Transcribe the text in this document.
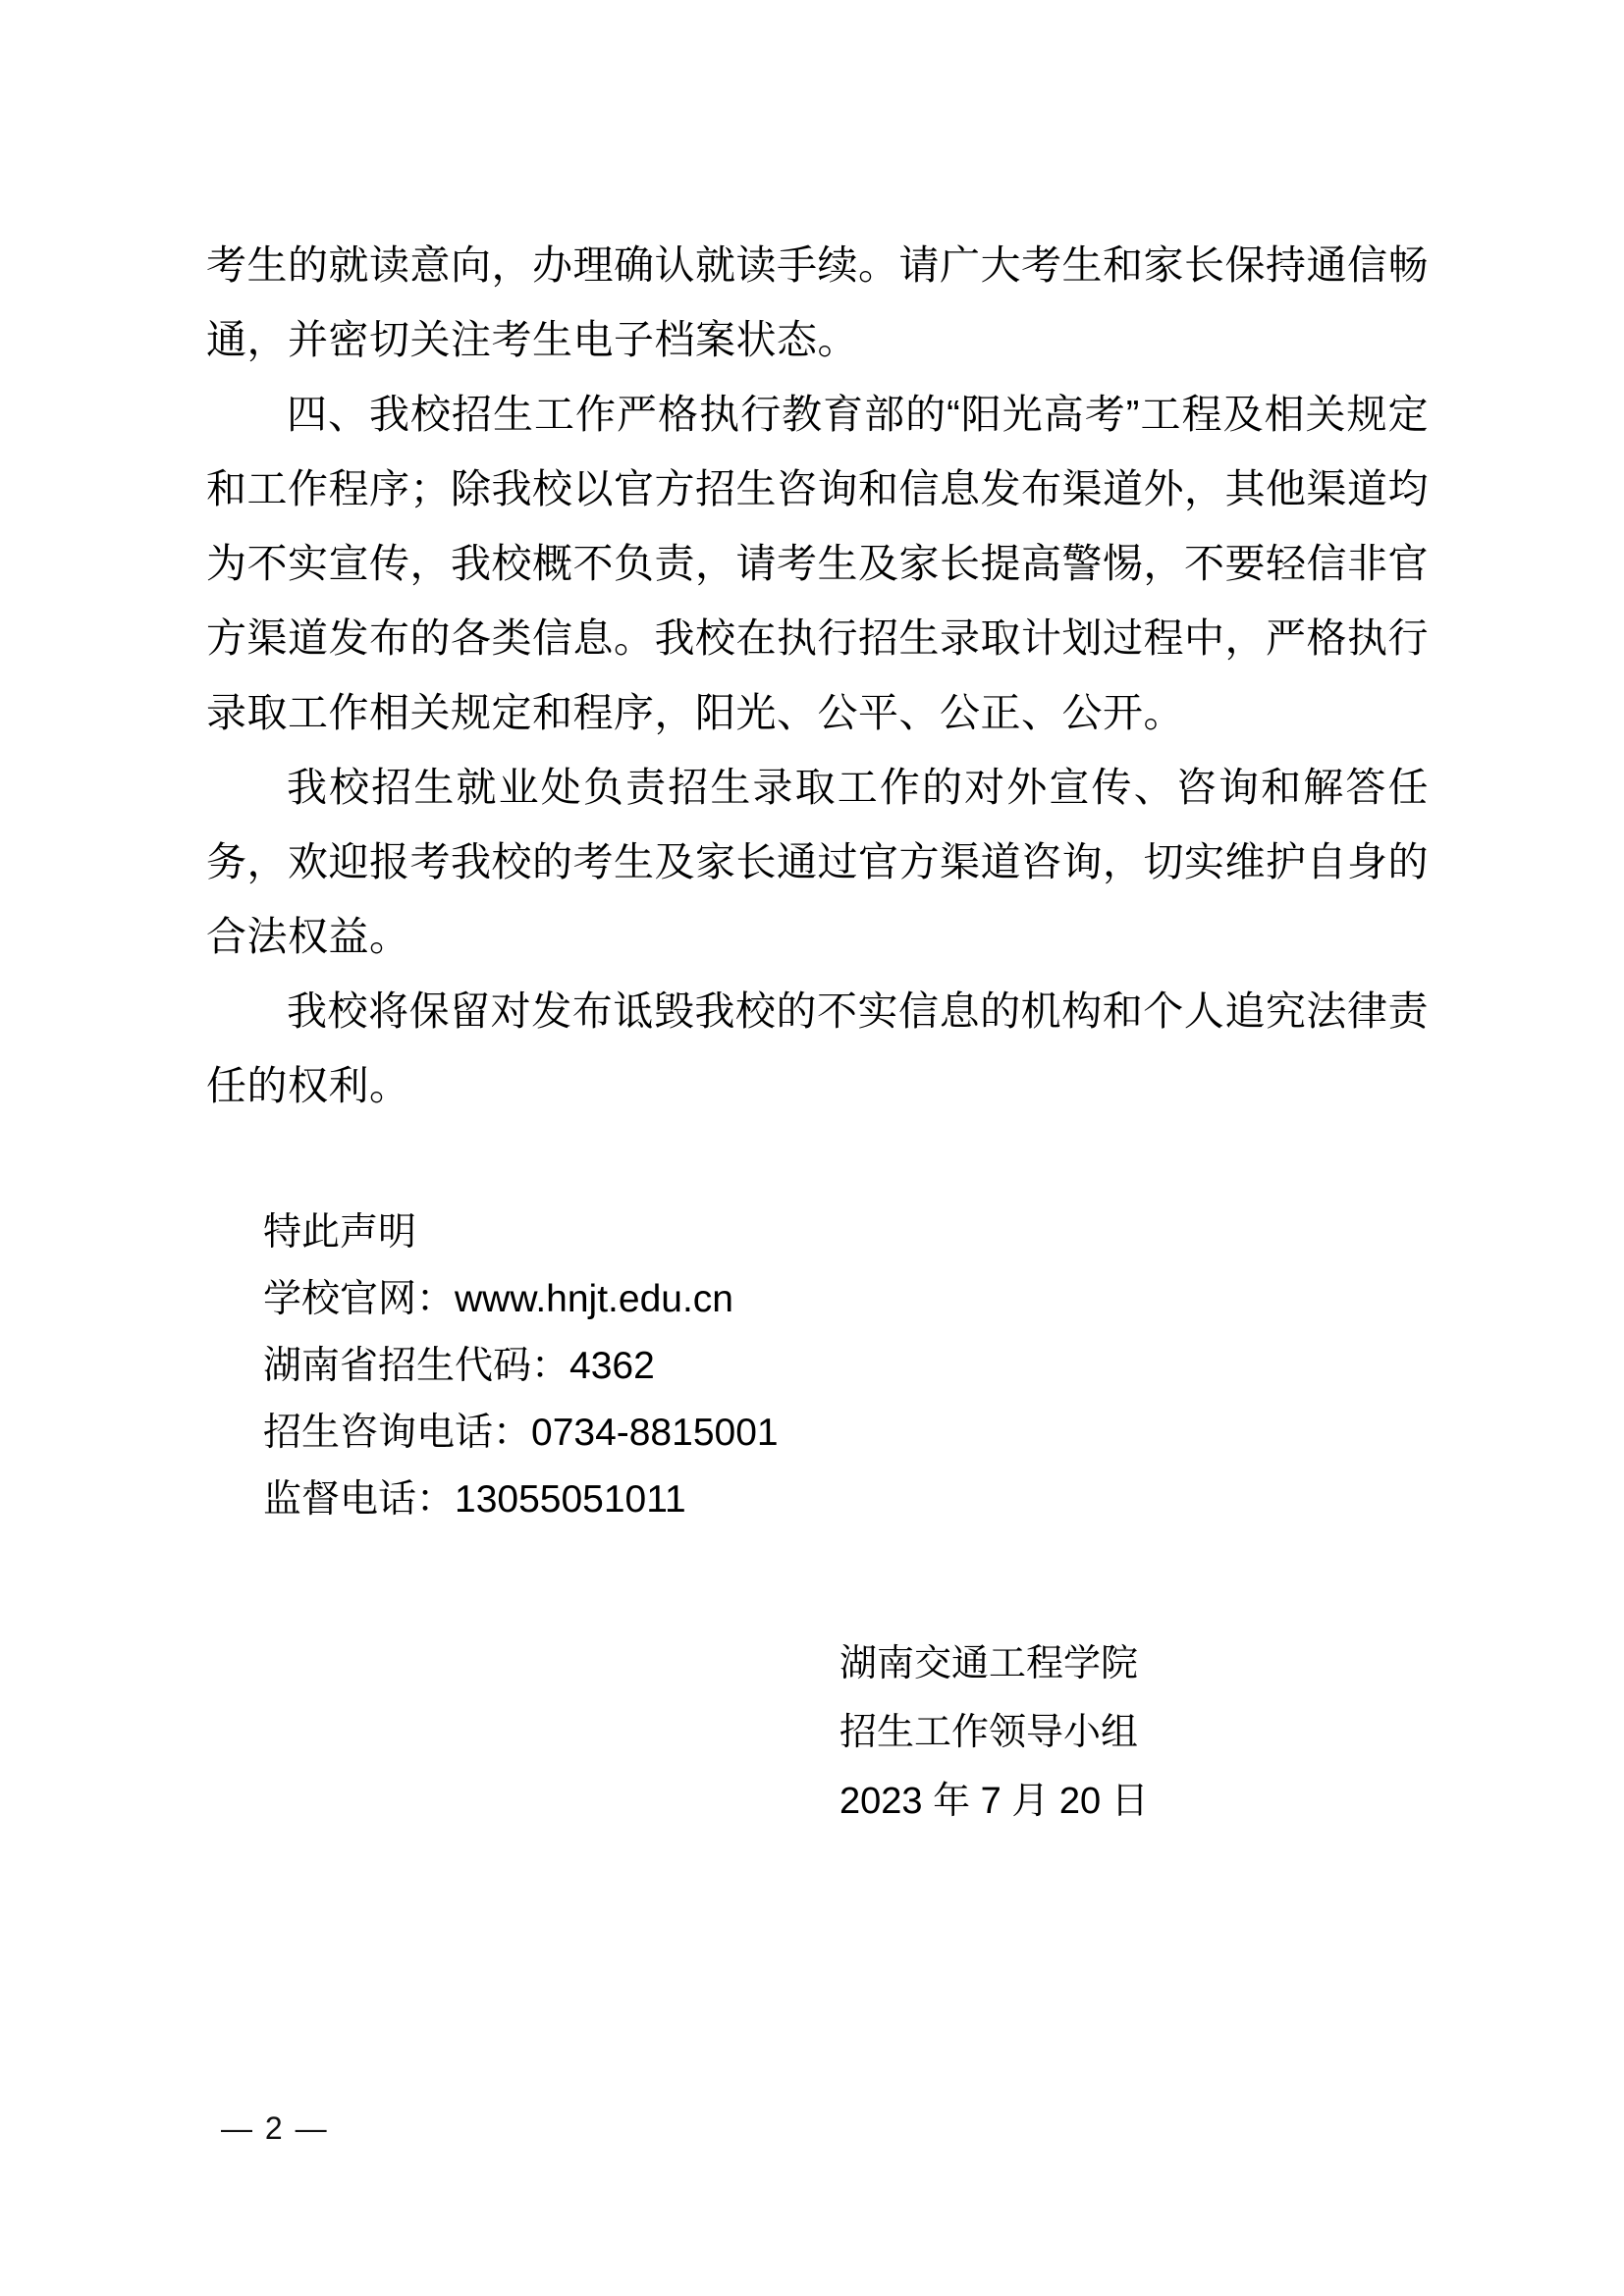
考生的就读意向，办理确认就读手续。请广大考生和家长保持通信畅通，并密切关注考生电子档案状态。

四、我校招生工作严格执行教育部的“阳光高考”工程及相关规定和工作程序；除我校以官方招生咨询和信息发布渠道外，其他渠道均为不实宣传，我校概不负责，请考生及家长提高警惕，不要轻信非官方渠道发布的各类信息。我校在执行招生录取计划过程中，严格执行录取工作相关规定和程序，阳光、公平、公正、公开。

我校招生就业处负责招生录取工作的对外宣传、咨询和解答任务，欢迎报考我校的考生及家长通过官方渠道咨询，切实维护自身的合法权益。

我校将保留对发布诋毁我校的不实信息的机构和个人追究法律责任的权利。

特此声明
学校官网：www.hnjt.edu.cn
湖南省招生代码：4362
招生咨询电话：0734-8815001
监督电话：13055051011
湖南交通工程学院
招生工作领导小组
2023 年 7 月 20 日
— 2 —
